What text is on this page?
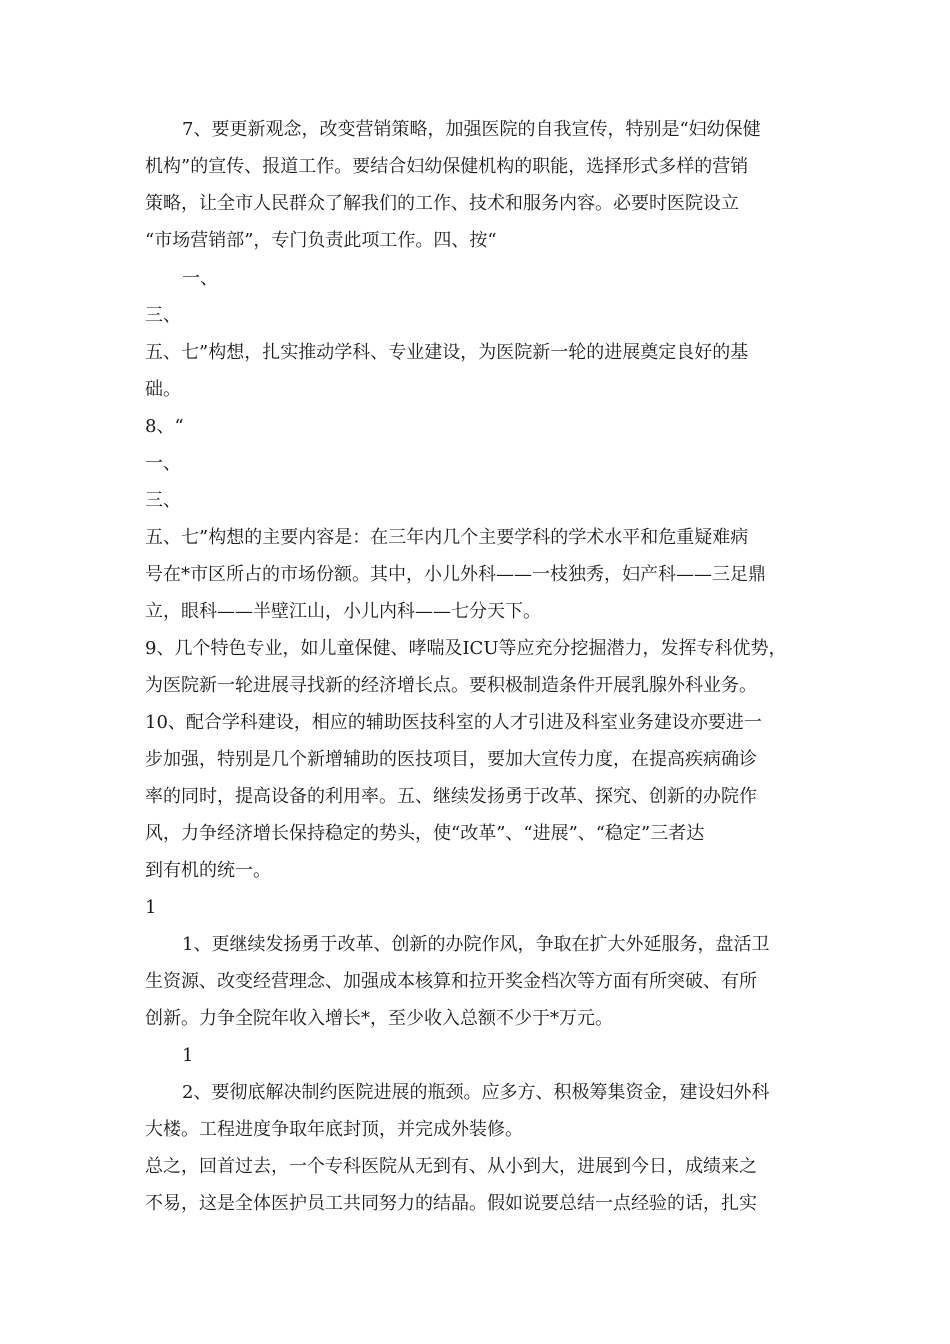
7、要更新观念，改变营销策略，加强医院的自我宣传，特别是“妇幼保健

机构”的宣传、报道工作。要结合妇幼保健机构的职能，选择形式多样的营销

策略，让全市人民群众了解我们的工作、技术和服务内容。必要时医院设立

“市场营销部”，专门负责此项工作。四、按“

一、

三、

五、七”构想，扎实推动学科、专业建设，为医院新一轮的进展奠定良好的基

础。

8、“

一、

三、

五、七”构想的主要内容是：在三年内几个主要学科的学术水平和危重疑难病

号在*市区所占的市场份额。其中，小儿外科——一枝独秀，妇产科——三足鼎

立，眼科——半壁江山，小儿内科——七分天下。

9、几个特色专业，如儿童保健、哮喘及ICU等应充分挖掘潜力，发挥专科优势，

为医院新一轮进展寻找新的经济增长点。要积极制造条件开展乳腺外科业务。

10、配合学科建设，相应的辅助医技科室的人才引进及科室业务建设亦要进一

步加强，特别是几个新增辅助的医技项目，要加大宣传力度，在提高疾病确诊

率的同时，提高设备的利用率。五、继续发扬勇于改革、探究、创新的办院作

风，力争经济增长保持稳定的势头，使“改革”、“进展”、“稳定”三者达

到有机的统一。

1

1、更继续发扬勇于改革、创新的办院作风，争取在扩大外延服务，盘活卫

生资源、改变经营理念、加强成本核算和拉开奖金档次等方面有所突破、有所

创新。力争全院年收入增长*，至少收入总额不少于*万元。

1

2、要彻底解决制约医院进展的瓶颈。应多方、积极筹集资金，建设妇外科

大楼。工程进度争取年底封顶，并完成外装修。

总之，回首过去，一个专科医院从无到有、从小到大，进展到今日，成绩来之

不易，这是全体医护员工共同努力的结晶。假如说要总结一点经验的话，扎实
